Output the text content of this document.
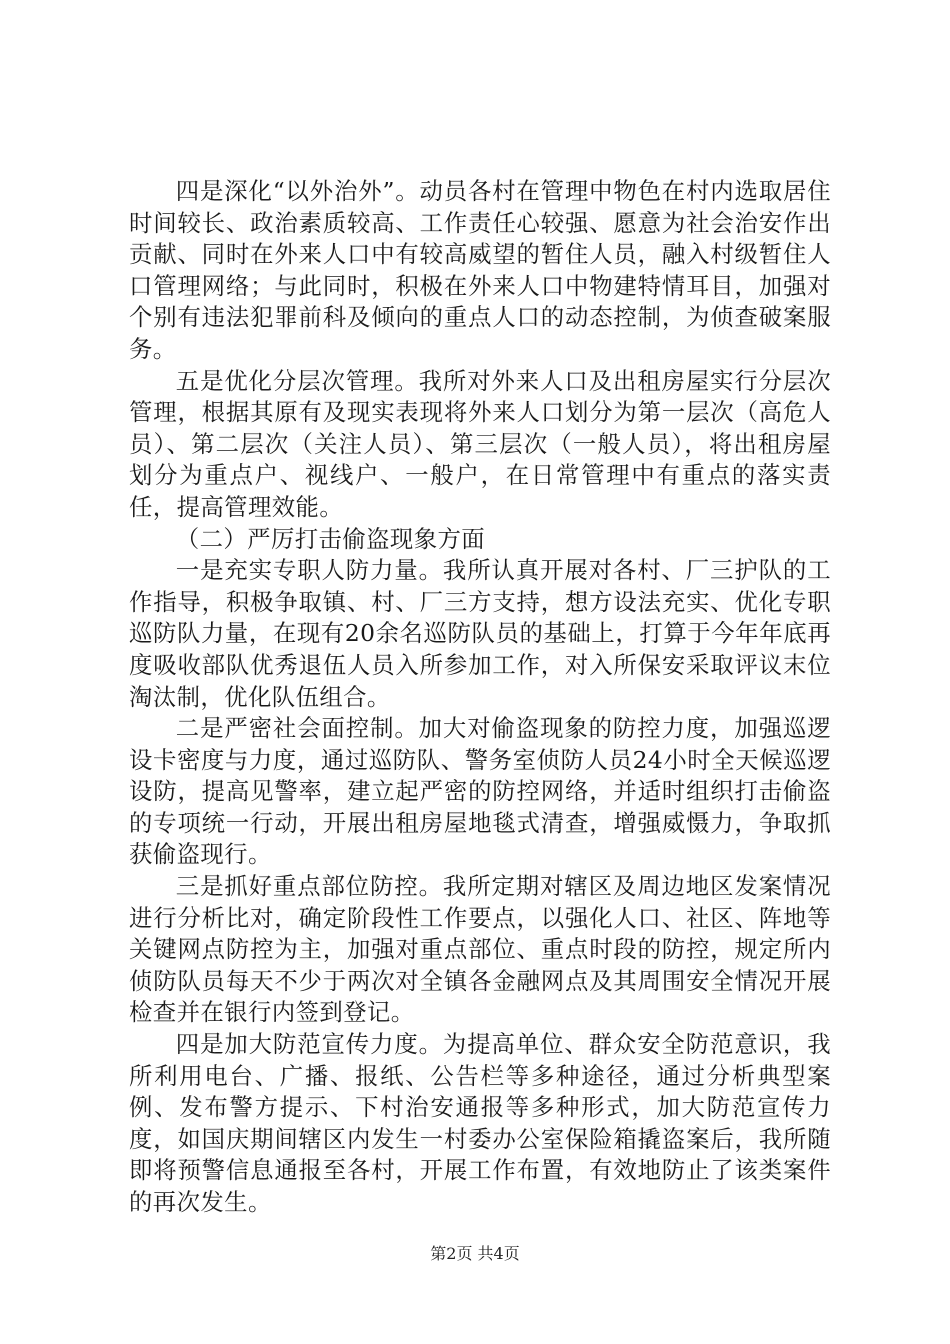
四是深化“以外治外”。动员各村在管理中物色在村内选取居住时间较长、政治素质较高、工作责任心较强、愿意为社会治安作出贡献、同时在外来人口中有较高威望的暂住人员，融入村级暂住人口管理网络；与此同时，积极在外来人口中物建特情耳目，加强对个别有违法犯罪前科及倾向的重点人口的动态控制，为侦查破案服务。

五是优化分层次管理。我所对外来人口及出租房屋实行分层次管理，根据其原有及现实表现将外来人口划分为第一层次（高危人员）、第二层次（关注人员）、第三层次（一般人员），将出租房屋划分为重点户、视线户、一般户，在日常管理中有重点的落实责任，提高管理效能。

（二）严厉打击偷盗现象方面

一是充实专职人防力量。我所认真开展对各村、厂三护队的工作指导，积极争取镇、村、厂三方支持，想方设法充实、优化专职巡防队力量，在现有20余名巡防队员的基础上，打算于今年年底再度吸收部队优秀退伍人员入所参加工作，对入所保安采取评议末位淘汰制，优化队伍组合。

二是严密社会面控制。加大对偷盗现象的防控力度，加强巡逻设卡密度与力度，通过巡防队、警务室侦防人员24小时全天候巡逻设防，提高见警率，建立起严密的防控网络，并适时组织打击偷盗的专项统一行动，开展出租房屋地毯式清查，增强威慑力，争取抓获偷盗现行。

三是抓好重点部位防控。我所定期对辖区及周边地区发案情况进行分析比对，确定阶段性工作要点，以强化人口、社区、阵地等关键网点防控为主，加强对重点部位、重点时段的防控，规定所内侦防队员每天不少于两次对全镇各金融网点及其周围安全情况开展检查并在银行内签到登记。

四是加大防范宣传力度。为提高单位、群众安全防范意识，我所利用电台、广播、报纸、公告栏等多种途径，通过分析典型案例、发布警方提示、下村治安通报等多种形式，加大防范宣传力度，如国庆期间辖区内发生一村委办公室保险箱撬盗案后，我所随即将预警信息通报至各村，开展工作布置，有效地防止了该类案件的再次发生。

第2页 共4页
